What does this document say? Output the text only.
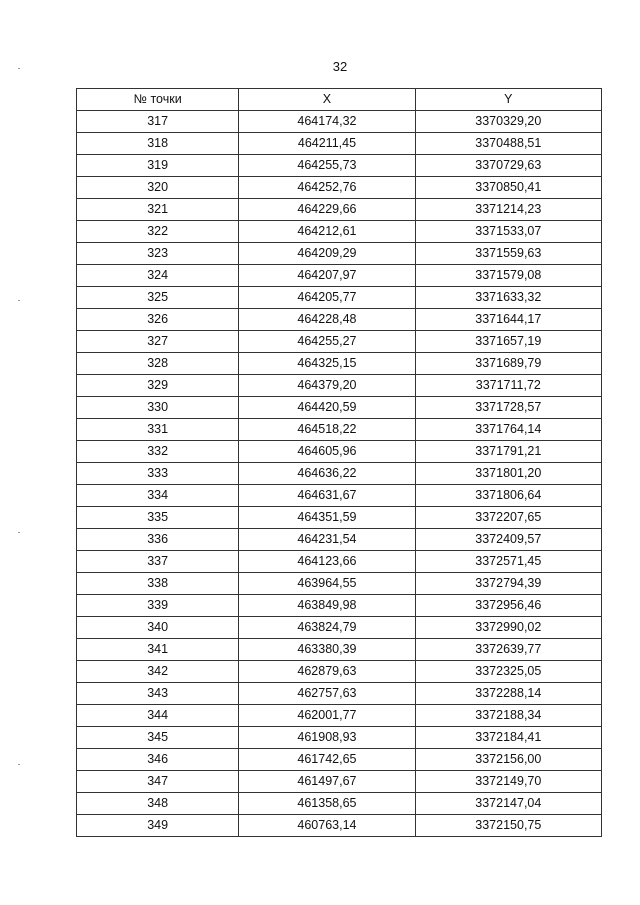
32
№ точки	X	Y
317	464174,32	3370329,20
318	464211,45	3370488,51
319	464255,73	3370729,63
320	464252,76	3370850,41
321	464229,66	3371214,23
322	464212,61	3371533,07
323	464209,29	3371559,63
324	464207,97	3371579,08
325	464205,77	3371633,32
326	464228,48	3371644,17
327	464255,27	3371657,19
328	464325,15	3371689,79
329	464379,20	3371711,72
330	464420,59	3371728,57
331	464518,22	3371764,14
332	464605,96	3371791,21
333	464636,22	3371801,20
334	464631,67	3371806,64
335	464351,59	3372207,65
336	464231,54	3372409,57
337	464123,66	3372571,45
338	463964,55	3372794,39
339	463849,98	3372956,46
340	463824,79	3372990,02
341	463380,39	3372639,77
342	462879,63	3372325,05
343	462757,63	3372288,14
344	462001,77	3372188,34
345	461908,93	3372184,41
346	461742,65	3372156,00
347	461497,67	3372149,70
348	461358,65	3372147,04
349	460763,14	3372150,75
